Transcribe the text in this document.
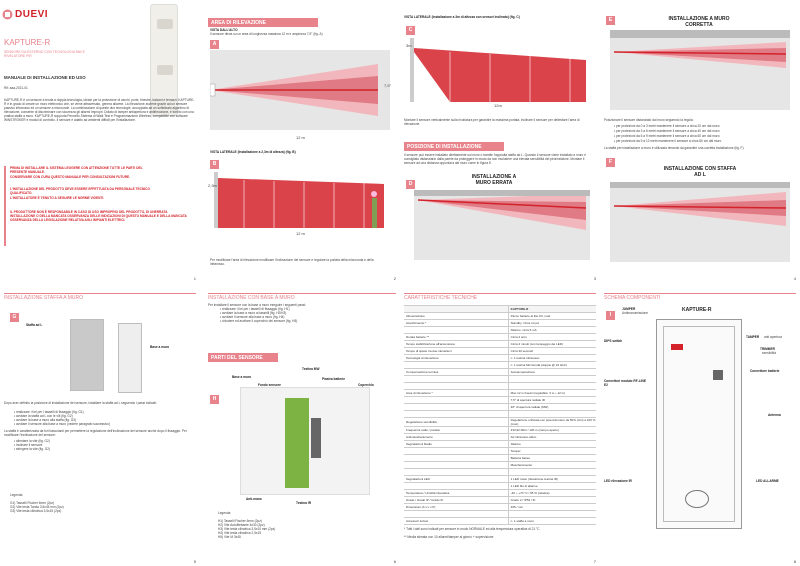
DUEVI
KAPTURE-R
SENSORE DA ESTERNO CON TECNOLOGIA MW E RIVELATORE PIR
MANUALE DI INSTALLAZIONE ED USO
Rif: aaa-2021-01
KAPTURE-R è un sensore a tenda a doppia tecnologia, ideale per la protezione di varchi, porte, finestre, balconi e terrazzi. KAPTURE-R è in grado di creare un muro elettronico che, se viene attraversato, genera allarme. La rilevazione avviene grazie ad un sensore passivo infrarosso ed un sensore a microonde. La combinazione di queste due tecnologie, accoppiata ad un sofisticato algoritmo di rilevazione, consente di discriminare con sicurezza gli allarmi impropri. Dotato di tamper antiapertura e antirimozione, è fornito con una pratica staffa a muro. KAPTURE-R supporta Pennello Sistema di Walk Test e Programmazione Wireless, compatibile con software WINSTROKER e moduli di controllo. Il sensore è adatto ad ambienti difficili per l'installazione.
PRIMA DI INSTALLARE IL SISTEMA LEGGERE CON ATTENZIONE TUTTE LE PARTI DEL PRESENTE MANUALE.
CONSERVARE CON CURA QUESTO MANUALE PER CONSULTAZIONI FUTURE.
L'INSTALLAZIONE DEL PRODOTTO DEVE ESSERE EFFETTUATA DA PERSONALE TECNICO QUALIFICATO.
L'INSTALLATORE È TENUTO A SEGUIRE LE NORME VIGENTI.
IL PRODUTTORE NON È RESPONSABILE IN CASO DI USO IMPROPRIO DEL PRODOTTO, DI UNERRATA INSTALLAZIONE O DELLA MANCATA OSSERVANZA DELLE INDICAZIONI DI QUESTO MANUALE E DELLA MANCATA OSSERVANZA DELLA LEGISLAZIONE RELATIVA AGLI IMPIANTI ELETTRICI.
1
AREA DI RILEVAZIONE
VISTA DALL'ALTO
Il sensore rileva su un area di lunghezza massima 12 m e ampiezza 7,5° (fig. A)
A
12 m
7,5°
VISTA LATERALE (Installazione a 2,3m di altezza) (fig. B)
B
2,3m
12 m
Per modificare l'area di rilevazione modificare l'inclinazione del sensore e regolare la portata della microonda e della infrarosso.
2
VISTA LATERALE (Installazione a 3m di altezza con sensori inclinato) (fig. C)
C
3m
12m
Montare il sensore verticalmente sulla rivoltatura per garantire la massima portata, inclinare il sensore per delimitare l'area di rilevazione.
POSIZIONE DI INSTALLAZIONE
Il sensore può essere installato direttamente sul muro o tramite l'apposita staffa ad L. Quando il sensore viene installato a muro è consigliato distanziarlo dalla parete da proteggere in modo da non escludere una elevata sensibilità del pirorivelatore. Montare il sensore ad una distanza opportuna dal muro come in figura E.
D
INSTALLAZIONE A MURO ERRATA
3
E	INSTALLAZIONE A MURO CORRETTA
Posizionare il sensore distanziato dal muro seguendo la regola:
▪ per protezioni da 0 a 3 metri mantenere il sensore a circa 20 cm dal muro
▪ per protezioni da 3 a 6 metri mantenere il sensore a circa 40 cm dal muro
▪ per protezioni da 6 a 9 metri mantenere il sensore a circa 60 cm dal muro
▪ per protezioni da 9 a 12 metri mantenere il sensore a circa 80 cm dal muro
La staffa per installazione a muro è utilizzata rimando da garantire una corretta installazione (fig. F).
F
INSTALLAZIONE CON STAFFA AD L
4
INSTALLAZIONE STAFFA A MURO
G
Staffa ad L
Base a muro
Dopo aver definito la posizione di installazione del sensore, installare la staffa ad L seguendo i passi indicati:
▪ realizzare i fori per i tasselli di fissaggio (fig. G1)
▪ avvitare la staffa ad L con le viti (fig. G2)
▪ avvitare la base a muro alla staffa (fig. G3)
▪ avvitare il sensore alla base a muro (vedere paragrafo successivo)
La staffa è caratterizzata da fori basculanti per permettere la regolazione dell'inclinazione del sensore anche dopo il fissaggio. Per modificare l'inclinazione del sensore:
▪ allentare la vite (fig. G2)
▪ inclinare il sensore
▪ stringere la vite (fig. G2)
Legenda
G1) Tasselli Fischer 6mm (2pz)
G2) Vite testa Tonda 3,5x45 mm (2pz)
G3) Vite testa cilindrica 3,5x15 (2pz)
5
INSTALLAZIONE CON BASE A MURO
Per installare il sensore con la base a muro eseguire i seguenti passi:
▪ realizzare i fori per i tasselli di fissaggio (fig. H1)
▪ avvitare la base a muro ai tasselli (fig. H2/H3)
▪ avvitare il sensore alla base a muro (fig. H4)
▪ chiudere ed avvitare il coperchio del sensore (fig. H5)
PARTI DEL SENSORE
H
Base a muro
Fondo sensore
Piastra batterie
Testina MW
Coperchio
Anti-mano
Testina IR
Legenda
H1) Tasselli Fischer 6mm (2pz)
H2) Vite Autofilettante 4x30 (2pz)
H3) Vite testa cilindrica 3,5x10 mm (2pz)
H4) Vite testa cilindrica 2,5x15
H5) Vite M 3x45
6
CARATTERISTICHE TECNICHE
KAPTURE-R
Alimentazione	Pacco batterie al litio 6V, mod.
Assorbimento *	Standby: Circa 14 µA
Allarme: circa 5 mA
Durata batterie **	Circa 2 anni
Tempo stabilizzazione all'accensione	Circa 2 minuti (con lampeggio dei LED)
Tempo di quiete tra due rilevazioni	Circa 30 secondi
Tecnologia di rilevazione	n. 1 testina infrarosso
n. 1 testina Microonda (doppio @ 24 GHz)
Compensazione termica	Autotemperazione
Area di rilevazione *	Max 12 m lineari (regolabile: 3 m ÷ 12 m)
7,5° di apertura radiale IR
30° di apertura radiale (MW)
Regolazione sensibilità	Regolazione unificata con potenziometro da 50% (min) a 100 % (max)
Frequenza radio / portata	433,92 MHz / 100 m (campo aperto)
Antimascheramento	Ad infrarosso attivo
Segnalazioni Radio	Allarme
Tamper
Batteria bassa
Mascheramento
Segnalazioni LED	1 LED rosso (rilevazione testina IR)
1 LED blu di allarme
Temperatura / Umidità Operativa	-40 ÷ +70 °C / 95 % (relativa)
Grado / Grado IP / Grado IK	Grado 2 / IP54 / IK
Dimensioni (A x L x P)	405 / mm
Accessori inclusi	n. 1 staffa a muro
* Tutti i dati sono indicati per sensore in modo NORMALE ed alla temperatura operativa di 21 °C
** Media stimata con 10 allarmi/tamper al giorno + supervisione
7
SCHEMA COMPONENTI
I
KAPTURE-R
JUMPER
Antimanomissione
DIPS switch
Connettori modulo RF-LINE E2
LED rilevazione IR
TAMPER anti apertura
TRIMMER
sensibilità
Connettore batterie
Antenna
LED ALLARME
8
